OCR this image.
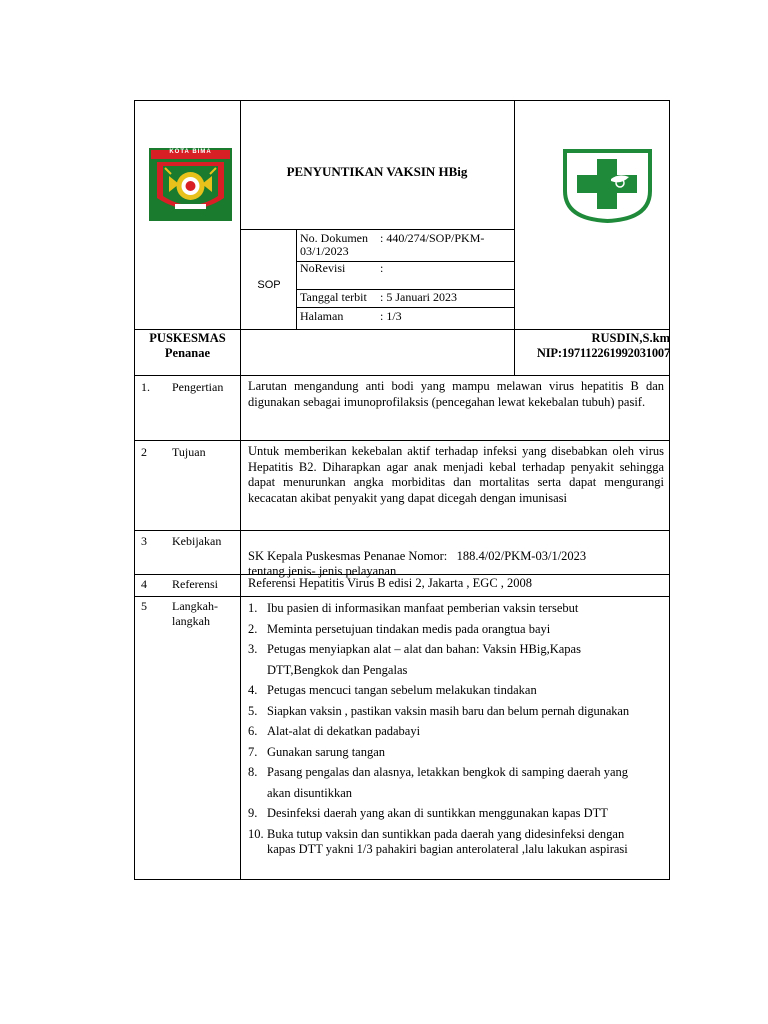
KOTA BIMA
PENYUNTIKAN VAKSIN HBig
SOP
No. Dokumen : 440/274/SOP/PKM-
03/1/2023
NoRevisi	:
Tanggal terbit : 5 Januari 2023
Halaman	: 1/3
PUSKESMAS
Penanae
RUSDIN,S.km
NIP:197112261992031007
1. Pengertian Larutan mengandung anti bodi yang mampu melawan virus hepatitis B dan digunakan sebagai imunoprofilaksis (pencegahan lewat kekebalan tubuh) pasif.
2 Tujuan	Untuk memberikan kekebalan aktif terhadap infeksi yang disebabkan oleh virus Hepatitis B2. Diharapkan agar anak menjadi kebal terhadap penyakit sehingga dapat menurunkan angka morbiditas dan mortalitas serta dapat mengurangi kecacatan akibat penyakit yang dapat dicegah dengan imunisasi
3 Kebijakan

SK Kepala Puskesmas Penanae Nomor:   188.4/02/PKM-03/1/2023
tentang jenis- jenis pelayanan
4 Referensi Referensi Hepatitis Virus B edisi 2, Jakarta , EGC , 2008
5 Langkah-
langkah
1. Ibu pasien di informasikan manfaat pemberian vaksin tersebut
2. Meminta persetujuan tindakan medis pada orangtua bayi
3. Petugas menyiapkan alat – alat dan bahan: Vaksin HBig,Kapas
DTT,Bengkok dan Pengalas
4. Petugas mencuci tangan sebelum melakukan tindakan
5. Siapkan vaksin , pastikan vaksin masih baru dan belum pernah digunakan
6. Alat-alat di dekatkan padabayi
7. Gunakan sarung tangan
8. Pasang pengalas dan alasnya, letakkan bengkok di samping daerah yang
akan disuntikkan
9. Desinfeksi daerah yang akan di suntikkan menggunakan kapas DTT
10. Buka tutup vaksin dan suntikkan pada daerah yang didesinfeksi dengan
kapas DTT yakni 1/3 pahakiri bagian anterolateral ,lalu lakukan aspirasi
